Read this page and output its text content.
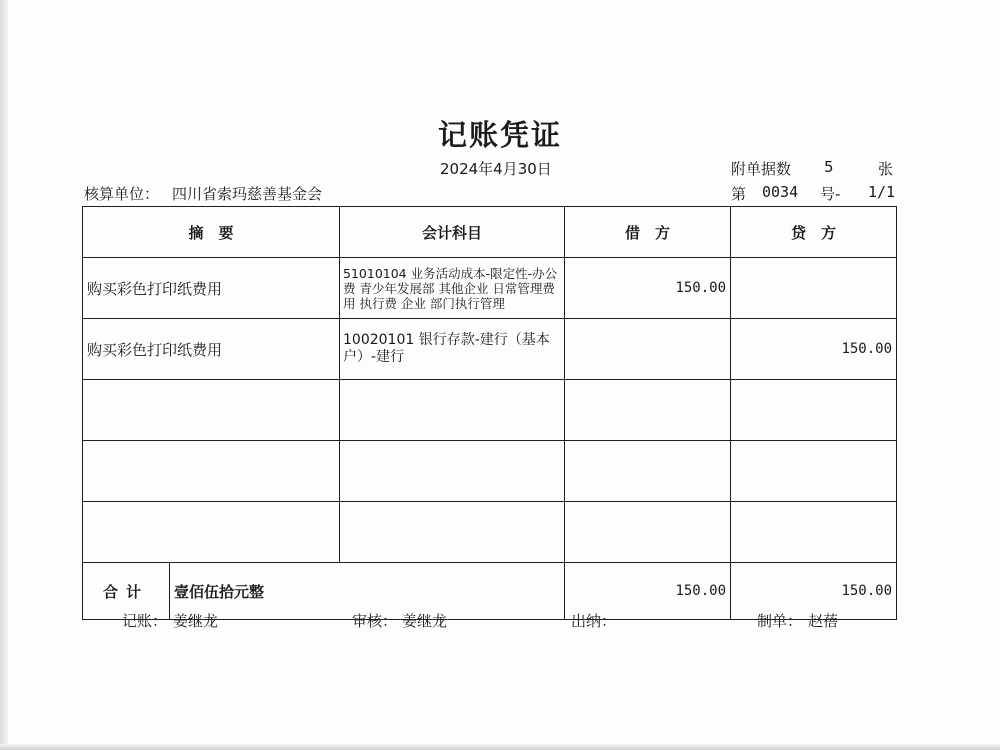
记账凭证
2024年4月30日	附单据数 5	张
核算单位： 四川省索玛慈善基金会	第 0034 号- 1/1
摘　要		会计科目	借　方	贷　方
购买彩色打印纸费用		51010104 业务活动成本-限定性-办公费 青少年发展部 其他企业 日常管理费用 执行费 企业 部门执行管理	150.00	
购买彩色打印纸费用		10020101 银行存款-建行（基本户）-建行		150.00

合计	壹佰伍拾元整		150.00	150.00
记账： 姜继龙	审核： 姜继龙	出纳：	制单： 赵蓓
